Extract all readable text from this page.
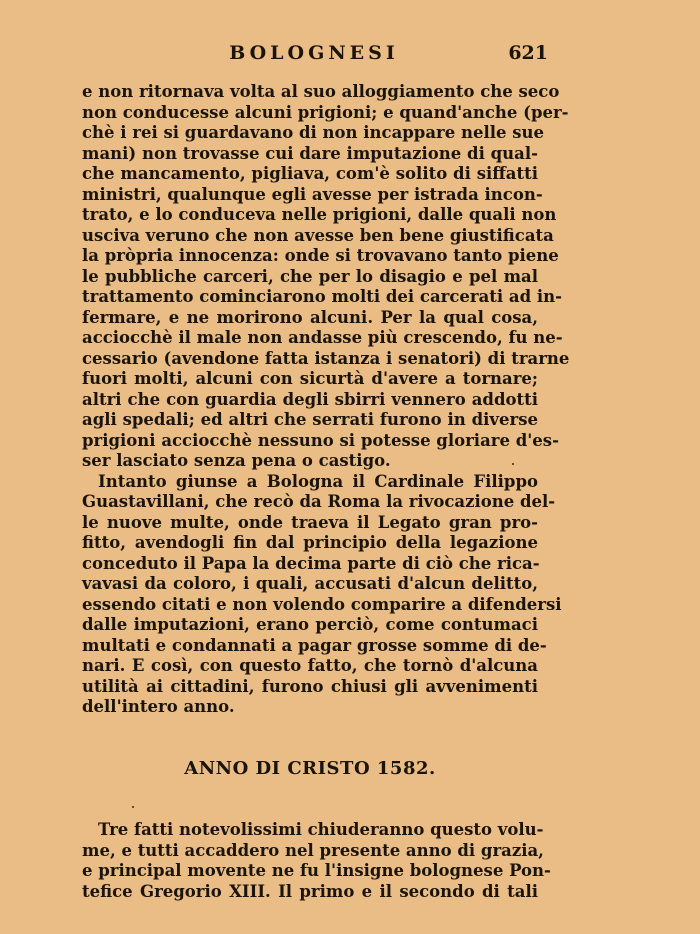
BOLOGNESI	621
e non ritornava volta al suo alloggiamento che seco
non conducesse alcuni prigioni; e quand'anche (per-
chè i rei si guardavano di non incappare nelle sue
mani) non trovasse cui dare imputazione di qual-
che mancamento, pigliava, com'è solito di siffatti
ministri, qualunque egli avesse per istrada incon-
trato, e lo conduceva nelle prigioni, dalle quali non
usciva veruno che non avesse ben bene giustificata
la pròpria innocenza: onde si trovavano tanto piene
le pubbliche carceri, che per lo disagio e pel mal
trattamento cominciarono molti dei carcerati ad in-
fermare, e ne morirono alcuni. Per la qual cosa,
acciocchè il male non andasse più crescendo, fu ne-
cessario (avendone fatta istanza i senatori) di trarne
fuori molti, alcuni con sicurtà d'avere a tornare;
altri che con guardia degli sbirri vennero addotti
agli spedali; ed altri che serrati furono in diverse
prigioni acciocchè nessuno si potesse gloriare d'es-
ser lasciato senza pena o castigo.
Intanto giunse a Bologna il Cardinale Filippo
Guastavillani, che recò da Roma la rivocazione del-
le nuove multe, onde traeva il Legato gran pro-
fitto, avendogli fin dal principio della legazione
conceduto il Papa la decima parte di ciò che rica-
vavasi da coloro, i quali, accusati d'alcun delitto,
essendo citati e non volendo comparire a difendersi
dalle imputazioni, erano perciò, come contumaci
multati e condannati a pagar grosse somme di de-
nari. E così, con questo fatto, che tornò d'alcuna
utilità ai cittadini, furono chiusi gli avvenimenti
dell'intero anno.
ANNO DI CRISTO 1582.
Tre fatti notevolissimi chiuderanno questo volu-
me, e tutti accaddero nel presente anno di grazia,
e principal movente ne fu l'insigne bolognese Pon-
tefice Gregorio XIII. Il primo e il secondo di tali
